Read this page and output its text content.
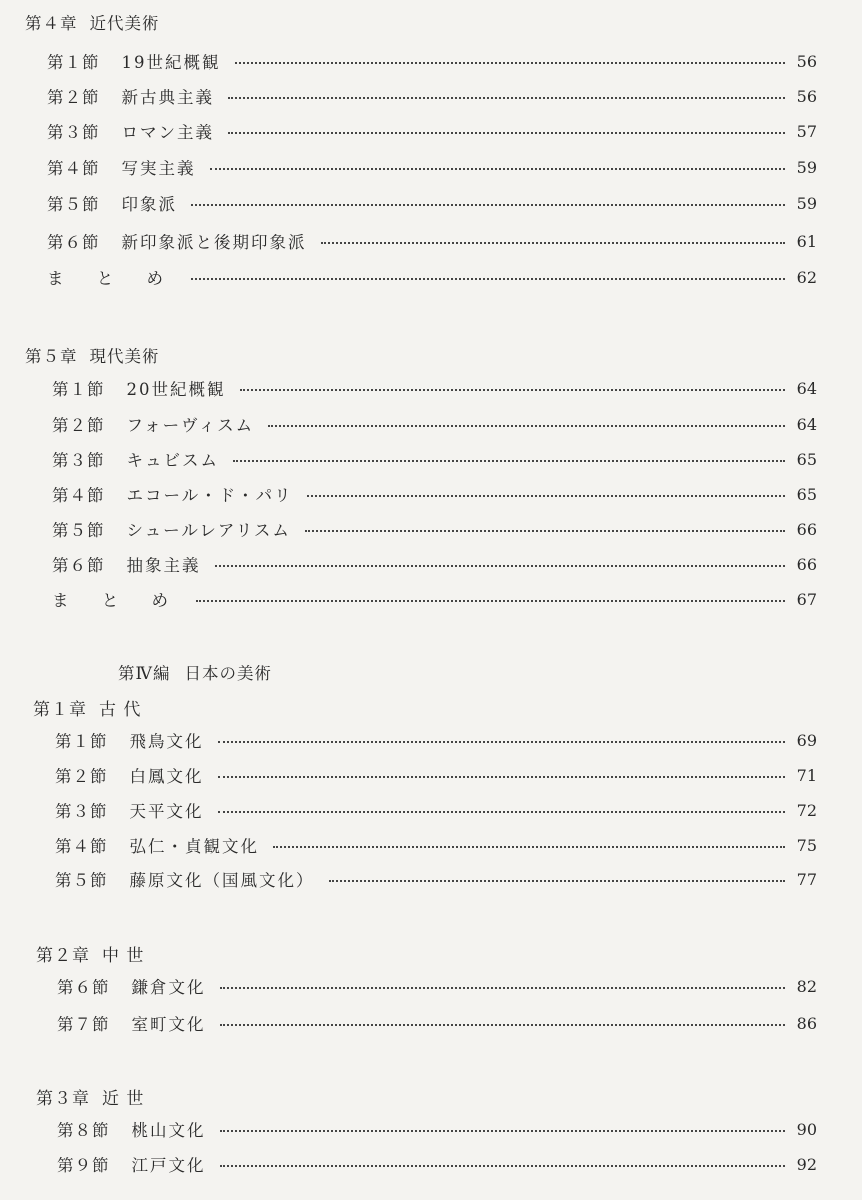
第４章 近代美術
第１節 19世紀概観	56
第２節 新古典主義	56
第３節 ロマン主義	57
第４節 写実主義	59
第５節 印象派	59
第６節 新印象派と後期印象派	61
ま と め	62
第５章 現代美術
第１節 20世紀概観	64
第２節 フォーヴィスム	64
第３節 キュビスム	65
第４節 エコール・ド・パリ	65
第５節 シュールレアリスム	66
第６節 抽象主義	66
ま と め	67
第Ⅳ編 日本の美術
第１章 古 代
第１節 飛鳥文化	69
第２節 白鳳文化	71
第３節 天平文化	72
第４節 弘仁・貞観文化	75
第５節 藤原文化（国風文化）	77
第２章 中 世
第６節 鎌倉文化	82
第７節 室町文化	86
第３章 近 世
第８節 桃山文化	90
第９節 江戸文化	92
